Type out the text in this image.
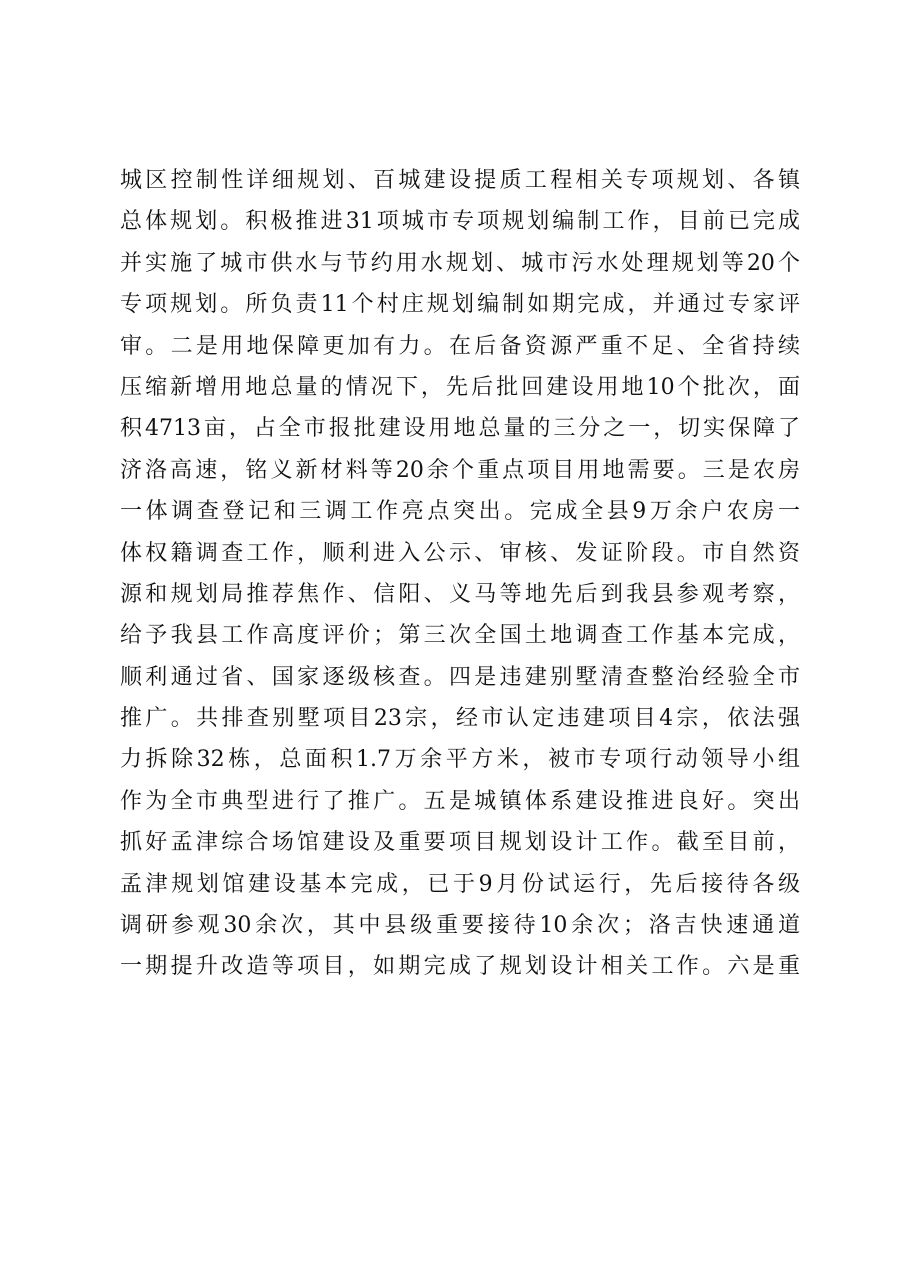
城区控制性详细规划、百城建设提质工程相关专项规划、各镇
总体规划。积极推进31项城市专项规划编制工作，目前已完成
并实施了城市供水与节约用水规划、城市污水处理规划等20个
专项规划。所负责11个村庄规划编制如期完成，并通过专家评
审。二是用地保障更加有力。在后备资源严重不足、全省持续
压缩新增用地总量的情况下，先后批回建设用地10个批次，面
积4713亩，占全市报批建设用地总量的三分之一，切实保障了
济洛高速，铭义新材料等20余个重点项目用地需要。三是农房
一体调查登记和三调工作亮点突出。完成全县9万余户农房一
体权籍调查工作，顺利进入公示、审核、发证阶段。市自然资
源和规划局推荐焦作、信阳、义马等地先后到我县参观考察，
给予我县工作高度评价；第三次全国土地调查工作基本完成，
顺利通过省、国家逐级核查。四是违建别墅清查整治经验全市
推广。共排查别墅项目23宗，经市认定违建项目4宗，依法强
力拆除32栋，总面积1.7万余平方米，被市专项行动领导小组
作为全市典型进行了推广。五是城镇体系建设推进良好。突出
抓好孟津综合场馆建设及重要项目规划设计工作。截至目前，
孟津规划馆建设基本完成，已于9月份试运行，先后接待各级
调研参观30余次，其中县级重要接待10余次；洛吉快速通道
一期提升改造等项目，如期完成了规划设计相关工作。六是重
